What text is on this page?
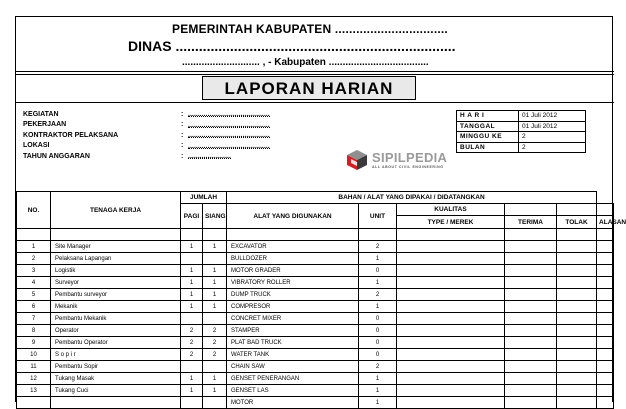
PEMERINTAH KABUPATEN ................................
DINAS ........................................................................
............................ , - Kabupaten ....................................
LAPORAN HARIAN
KEGIATAN	: ..........................................
PEKERJAAN	: ..........................................
KONTRAKTOR PELAKSANA	: ..........................................
LOKASI	: ..........................................
TAHUN ANGGARAN	: ......................
H A R I	01 Juli 2012
TANGGAL	01 Juli 2012
MINGGU KE	2
BULAN	2
SIPILPEDIA
ALL ABOUT CIVIL ENGINEERING
NO.	TENAGA KERJA	JUMLAH		BAHAN / ALAT YANG DIPAKAI / DIDATANGKAN					
		PAGI	SIANG	ALAT YANG DIGUNAKAN	UNIT	KUALITAS			
						TYPE / MEREK	TERIMA	TOLAK	ALASAN

1	Site Manager	1	1	EXCAVATOR	2				
2	Pelaksana Lapangan			BULLDOZER	1				
3	Logistik	1	1	MOTOR GRADER	0				
4	Surveyor	1	1	VIBRATORY ROLLER	1				
5	Pembantu surveyor	1	1	DUMP TRUCK	2				
6	Mekanik	1	1	COMPRESOR	1				
7	Pembantu Mekanik			CONCRET MIXER	0				
8	Operator	2	2	STAMPER	0				
9	Pembantu Operator	2	2	PLAT BAD TRUCK	0				
10	S o p i r	2	2	WATER TANK	0				
11	Pembantu Sopir			CHAIN SAW	2				
12	Tukang Masak	1	1	GENSET PENERANGAN	1				
13	Tukang Cuci	1	1	GENSET LAS	1				
				MOTOR	1				
